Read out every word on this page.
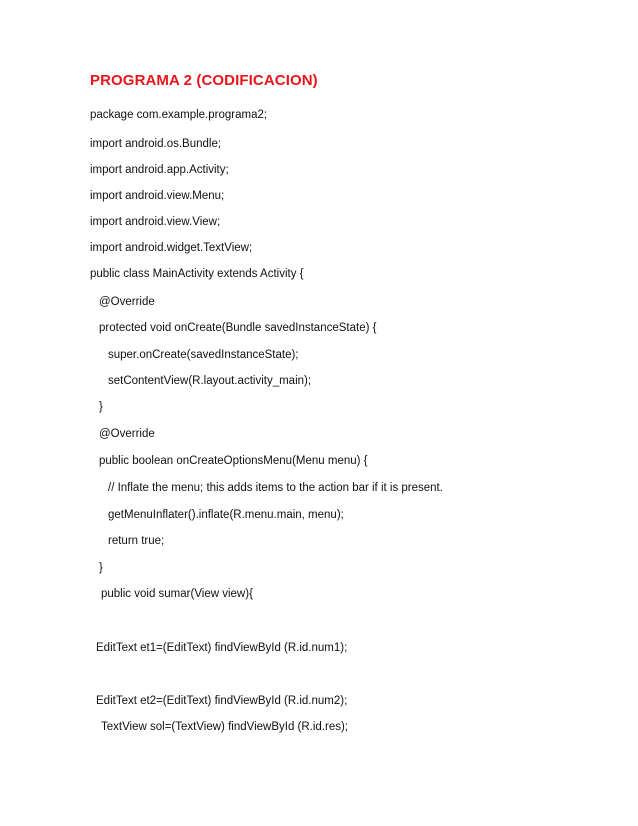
PROGRAMA 2 (CODIFICACION)
package com.example.programa2;
import android.os.Bundle;
import android.app.Activity;
import android.view.Menu;
import android.view.View;
import android.widget.TextView;
public class MainActivity extends Activity {
@Override
protected void onCreate(Bundle savedInstanceState) {
super.onCreate(savedInstanceState);
setContentView(R.layout.activity_main);
}
@Override
public boolean onCreateOptionsMenu(Menu menu) {
// Inflate the menu; this adds items to the action bar if it is present.
getMenuInflater().inflate(R.menu.main, menu);
return true;
}
public void sumar(View view){
EditText et1=(EditText) findViewById (R.id.num1);
EditText et2=(EditText) findViewById (R.id.num2);
TextView sol=(TextView) findViewById (R.id.res);
